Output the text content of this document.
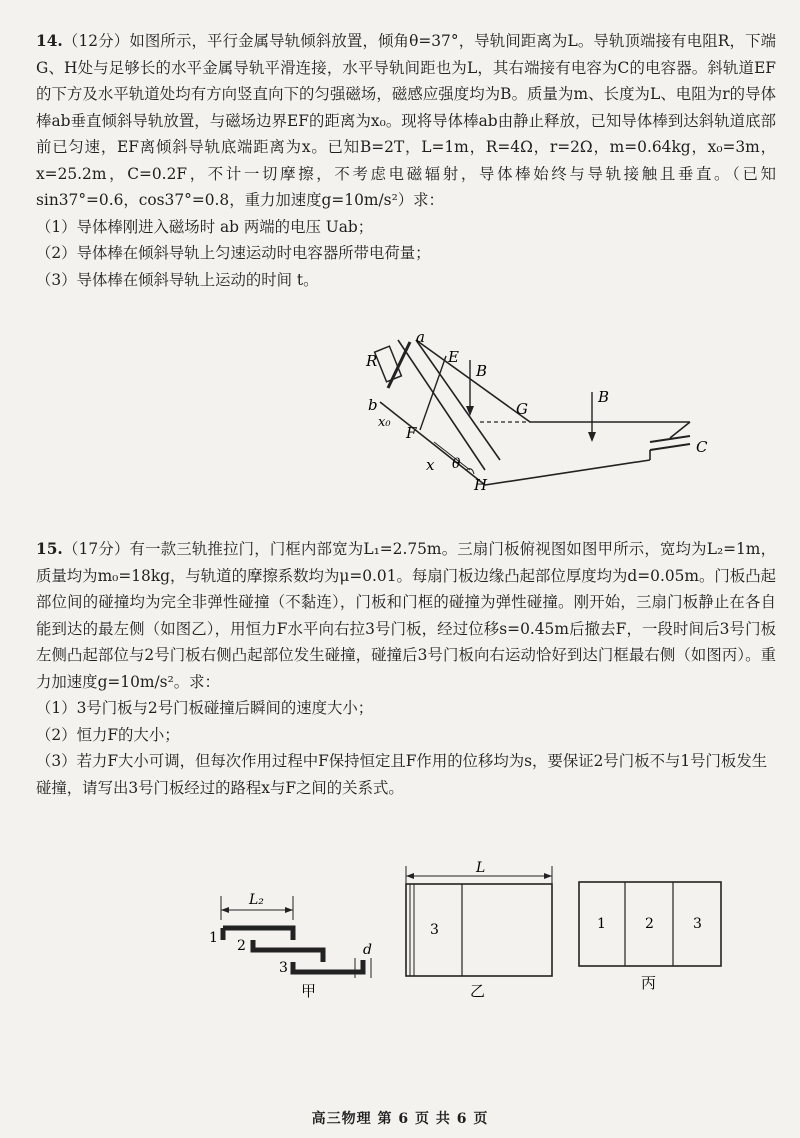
14.（12分）如图所示，平行金属导轨倾斜放置，倾角θ=37°，导轨间距离为L。导轨顶端接有电阻R，下端G、H处与足够长的水平金属导轨平滑连接，水平导轨间距也为L，其右端接有电容为C的电容器。斜轨道EF的下方及水平轨道处均有方向竖直向下的匀强磁场，磁感应强度均为B。质量为m、长度为L、电阻为r的导体棒ab垂直倾斜导轨放置，与磁场边界EF的距离为x₀。现将导体棒ab由静止释放，已知导体棒到达斜轨道底部前已匀速，EF离倾斜导轨底端距离为x。已知B=2T，L=1m，R=4Ω，r=2Ω，m=0.64kg，x₀=3m，x=25.2m，C=0.2F，不计一切摩擦，不考虑电磁辐射，导体棒始终与导轨接触且垂直。（已知sin37°=0.6，cos37°=0.8，重力加速度g=10m/s²）求：

（1）导体棒刚进入磁场时 ab 两端的电压 Uab；

（2）导体棒在倾斜导轨上匀速运动时电容器所带电荷量；

（3）导体棒在倾斜导轨上运动的时间 t。

R
a
b
E
B
B
G
F
x₀
x θ
H
C

15.（17分）有一款三轨推拉门，门框内部宽为L₁=2.75m。三扇门板俯视图如图甲所示，宽均为L₂=1m，质量均为m₀=18kg，与轨道的摩擦系数均为μ=0.01。每扇门板边缘凸起部位厚度均为d=0.05m。门板凸起部位间的碰撞均为完全非弹性碰撞（不黏连），门板和门框的碰撞为弹性碰撞。刚开始，三扇门板静止在各自能到达的最左侧（如图乙），用恒力F水平向右拉3号门板，经过位移s=0.45m后撤去F，一段时间后3号门板左侧凸起部位与2号门板右侧凸起部位发生碰撞，碰撞后3号门板向右运动恰好到达门框最右侧（如图丙）。重力加速度g=10m/s²。求：

（1）3号门板与2号门板碰撞后瞬间的速度大小；

（2）恒力F的大小；

（3）若力F大小可调，但每次作用过程中F保持恒定且F作用的位移均为s，要保证2号门板不与1号门板发生碰撞，请写出3号门板经过的路程x与F之间的关系式。

L₂
d
1 2
3
甲
L
3
乙
1	2	3
丙
高三物理 第 6 页 共 6 页
